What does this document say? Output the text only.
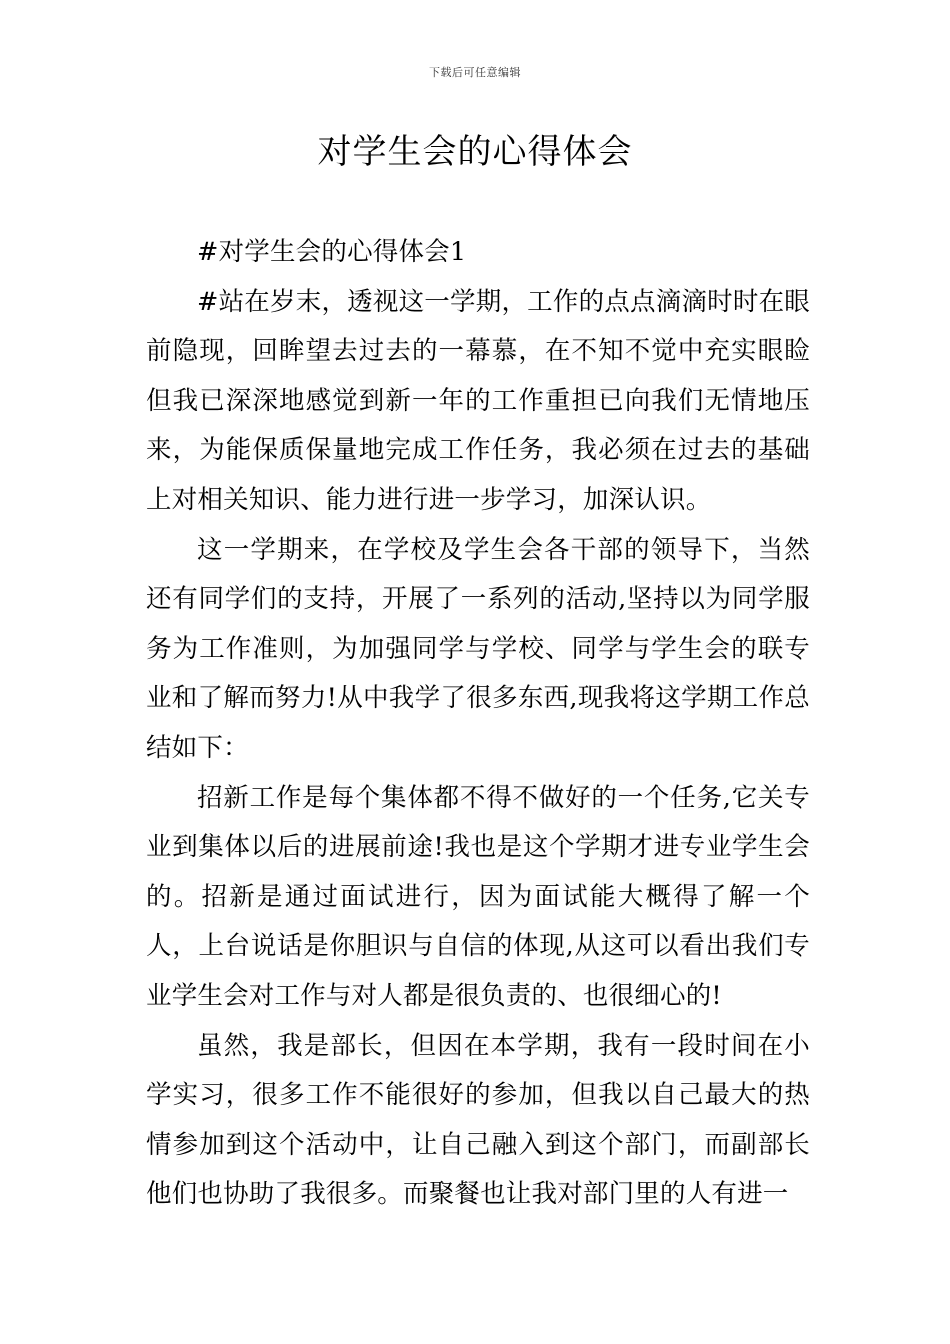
下载后可任意编辑
对学生会的心得体会

#对学生会的心得体会1

#站在岁末，透视这一学期，工作的点点滴滴时时在眼前隐现，回眸望去过去的一幕慕，在不知不觉中充实眼睑但我已深深地感觉到新一年的工作重担已向我们无情地压来，为能保质保量地完成工作任务，我必须在过去的基础上对相关知识、能力进行进一步学习，加深认识。

这一学期来，在学校及学生会各干部的领导下，当然还有同学们的支持，开展了一系列的活动,坚持以为同学服务为工作准则，为加强同学与学校、同学与学生会的联专业和了解而努力!从中我学了很多东西,现我将这学期工作总结如下：

招新工作是每个集体都不得不做好的一个任务,它关专业到集体以后的进展前途!我也是这个学期才进专业学生会的。招新是通过面试进行，因为面试能大概得了解一个人，上台说话是你胆识与自信的体现,从这可以看出我们专业学生会对工作与对人都是很负责的、也很细心的!

虽然，我是部长，但因在本学期，我有一段时间在小学实习，很多工作不能很好的参加，但我以自己最大的热情参加到这个活动中，让自己融入到这个部门，而副部长他们也协助了我很多。而聚餐也让我对部门里的人有进一
